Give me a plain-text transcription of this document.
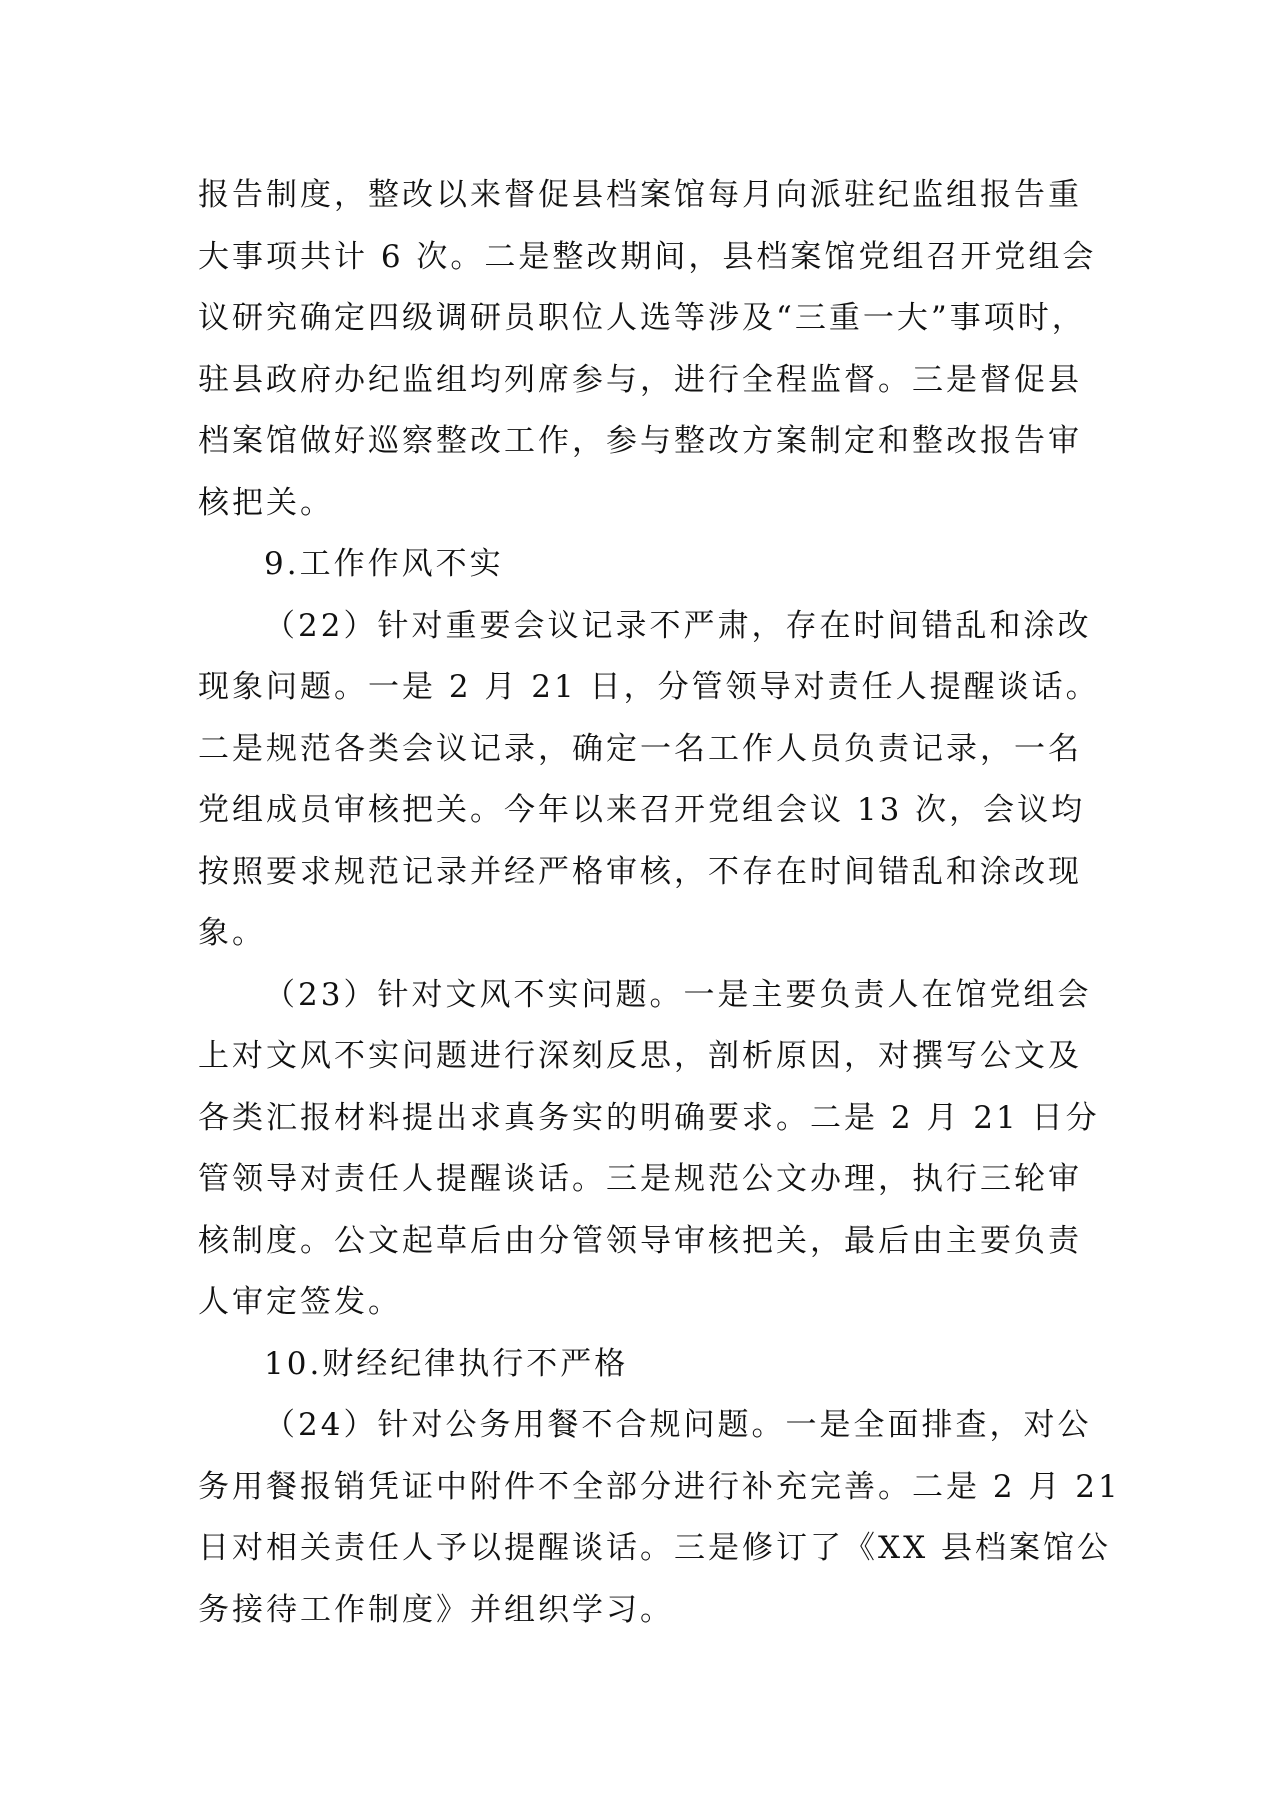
报告制度，整改以来督促县档案馆每月向派驻纪监组报告重
大事项共计 6 次。二是整改期间，县档案馆党组召开党组会
议研究确定四级调研员职位人选等涉及“三重一大”事项时，
驻县政府办纪监组均列席参与，进行全程监督。三是督促县
档案馆做好巡察整改工作，参与整改方案制定和整改报告审
核把关。
9.工作作风不实
（22）针对重要会议记录不严肃，存在时间错乱和涂改
现象问题。一是 2 月 21 日，分管领导对责任人提醒谈话。
二是规范各类会议记录，确定一名工作人员负责记录，一名
党组成员审核把关。今年以来召开党组会议 13 次，会议均
按照要求规范记录并经严格审核，不存在时间错乱和涂改现
象。
（23）针对文风不实问题。一是主要负责人在馆党组会
上对文风不实问题进行深刻反思，剖析原因，对撰写公文及
各类汇报材料提出求真务实的明确要求。二是 2 月 21 日分
管领导对责任人提醒谈话。三是规范公文办理，执行三轮审
核制度。公文起草后由分管领导审核把关，最后由主要负责
人审定签发。
10.财经纪律执行不严格
（24）针对公务用餐不合规问题。一是全面排查，对公
务用餐报销凭证中附件不全部分进行补充完善。二是 2 月 21
日对相关责任人予以提醒谈话。三是修订了《XX 县档案馆公
务接待工作制度》并组织学习。
